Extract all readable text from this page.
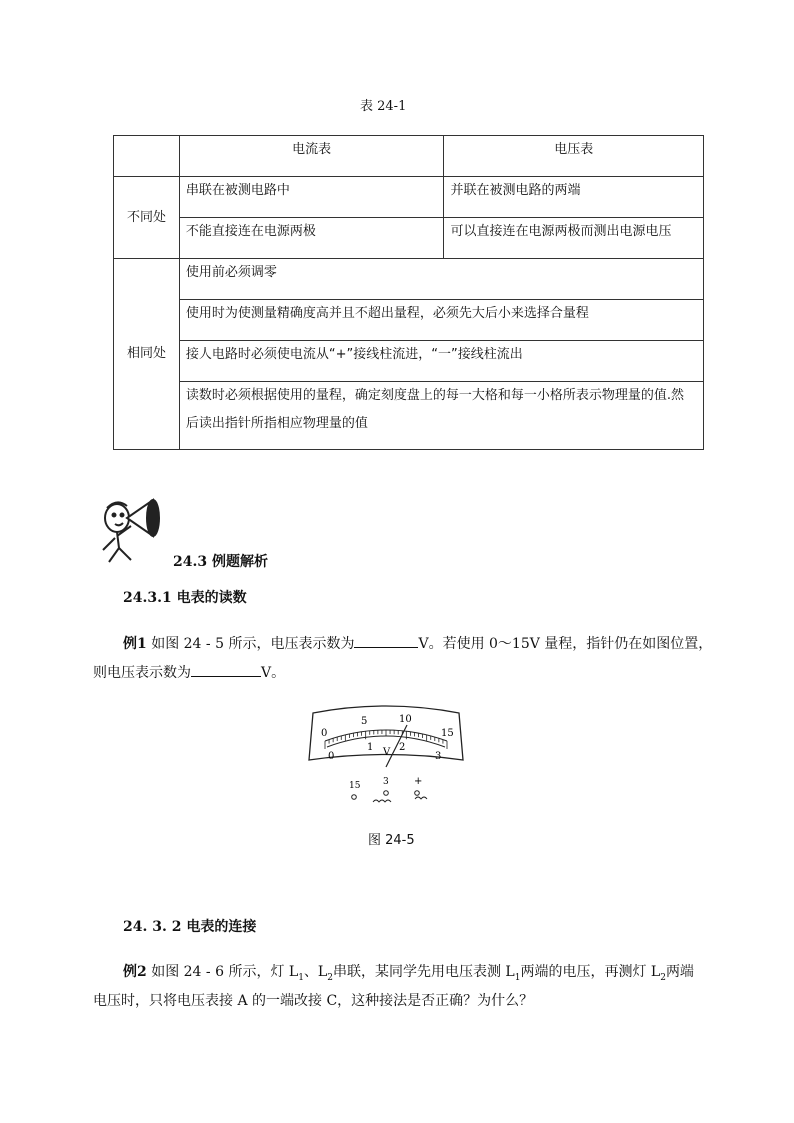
表 24-1
	电流表	电压表
不同处	串联在被测电路中	并联在被测电路的两端
	不能直接连在电源两极	可以直接连在电源两极而测出电源电压
相同处	使用前必须调零	
	使用时为使测量精确度高并且不超出量程，必须先大后小来选择合量程	
	接人电路时必须使电流从“+”接线柱流进，“一”接线柱流出	
	读数时必须根据使用的量程，确定刻度盘上的每一大格和每一小格所表示物理量的值.然后读出指针所指相应物理量的值	
24.3 例题解析
24.3.1 电表的读数
例1 如图 24 - 5 所示，电压表示数为	V。若使用 0～15V 量程，指针仍在如图位置，
则电压表示数为	V。
0
5	10
15
0
1	2
3
V
15	3	+
图 24-5
24. 3. 2 电表的连接
例2 如图 24 - 6 所示，灯 $L_1$、$L_2$串联，某同学先用电压表测 $L_1$两端的电压，再测灯 $L_2$两端
电压时，只将电压表接 A 的一端改接 C，这种接法是否正确？为什么？
